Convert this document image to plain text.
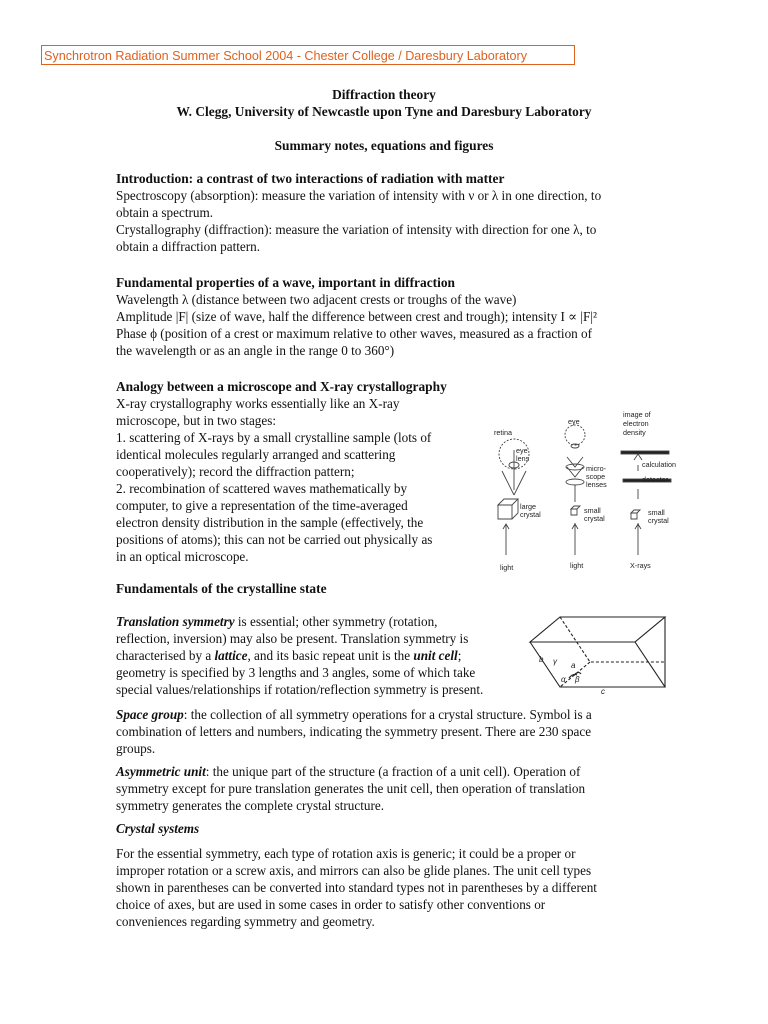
Synchrotron Radiation Summer School 2004 - Chester College / Daresbury Laboratory
Diffraction theory
W. Clegg, University of Newcastle upon Tyne and Daresbury Laboratory
Summary notes, equations and figures

Introduction: a contrast of two interactions of radiation with matter

Spectroscopy (absorption): measure the variation of intensity with ν or λ in one direction, to

obtain a spectrum.

Crystallography (diffraction): measure the variation of intensity with direction for one λ, to

obtain a diffraction pattern.

Fundamental properties of a wave, important in diffraction

Wavelength λ (distance between two adjacent crests or troughs of the wave)

Amplitude |F| (size of wave, half the difference between crest and trough); intensity I ∝ |F|²

Phase ϕ (position of a crest or maximum relative to other waves, measured as a fraction of

the wavelength or as an angle in the range 0 to 360°)

Analogy between a microscope and X-ray crystallography

X-ray crystallography works essentially like an X-ray

microscope, but in two stages:

1. scattering of X-rays by a small crystalline sample (lots of

identical molecules regularly arranged and scattering

cooperatively); record the diffraction pattern;

2. recombination of scattered waves mathematically by

computer, to give a representation of the time-averaged

electron density distribution in the sample (effectively, the

positions of atoms); this can not be carried out physically as

in an optical microscope.

retina
eye
lens
large
crystal
light
eye
micro-
scope
lenses
small
crystal
light
image of
electron
density
calculation
detector
small
crystal
X-rays
Fundamentals of the crystalline state

Translation symmetry is essential; other symmetry (rotation,

reflection, inversion) may also be present. Translation symmetry is

characterised by a lattice, and its basic repeat unit is the unit cell;

geometry is specified by 3 lengths and 3 angles, some of which take

special values/relationships if rotation/reflection symmetry is present.

b
a
c
γ
α β

Space group: the collection of all symmetry operations for a crystal structure. Symbol is a

combination of letters and numbers, indicating the symmetry present. There are 230 space

groups.

Asymmetric unit: the unique part of the structure (a fraction of a unit cell). Operation of

symmetry except for pure translation generates the unit cell, then operation of translation

symmetry generates the complete crystal structure.

Crystal systems

For the essential symmetry, each type of rotation axis is generic; it could be a proper or

improper rotation or a screw axis, and mirrors can also be glide planes. The unit cell types

shown in parentheses can be converted into standard types not in parentheses by a different

choice of axes, but are used in some cases in order to satisfy other conventions or

conveniences regarding symmetry and geometry.
